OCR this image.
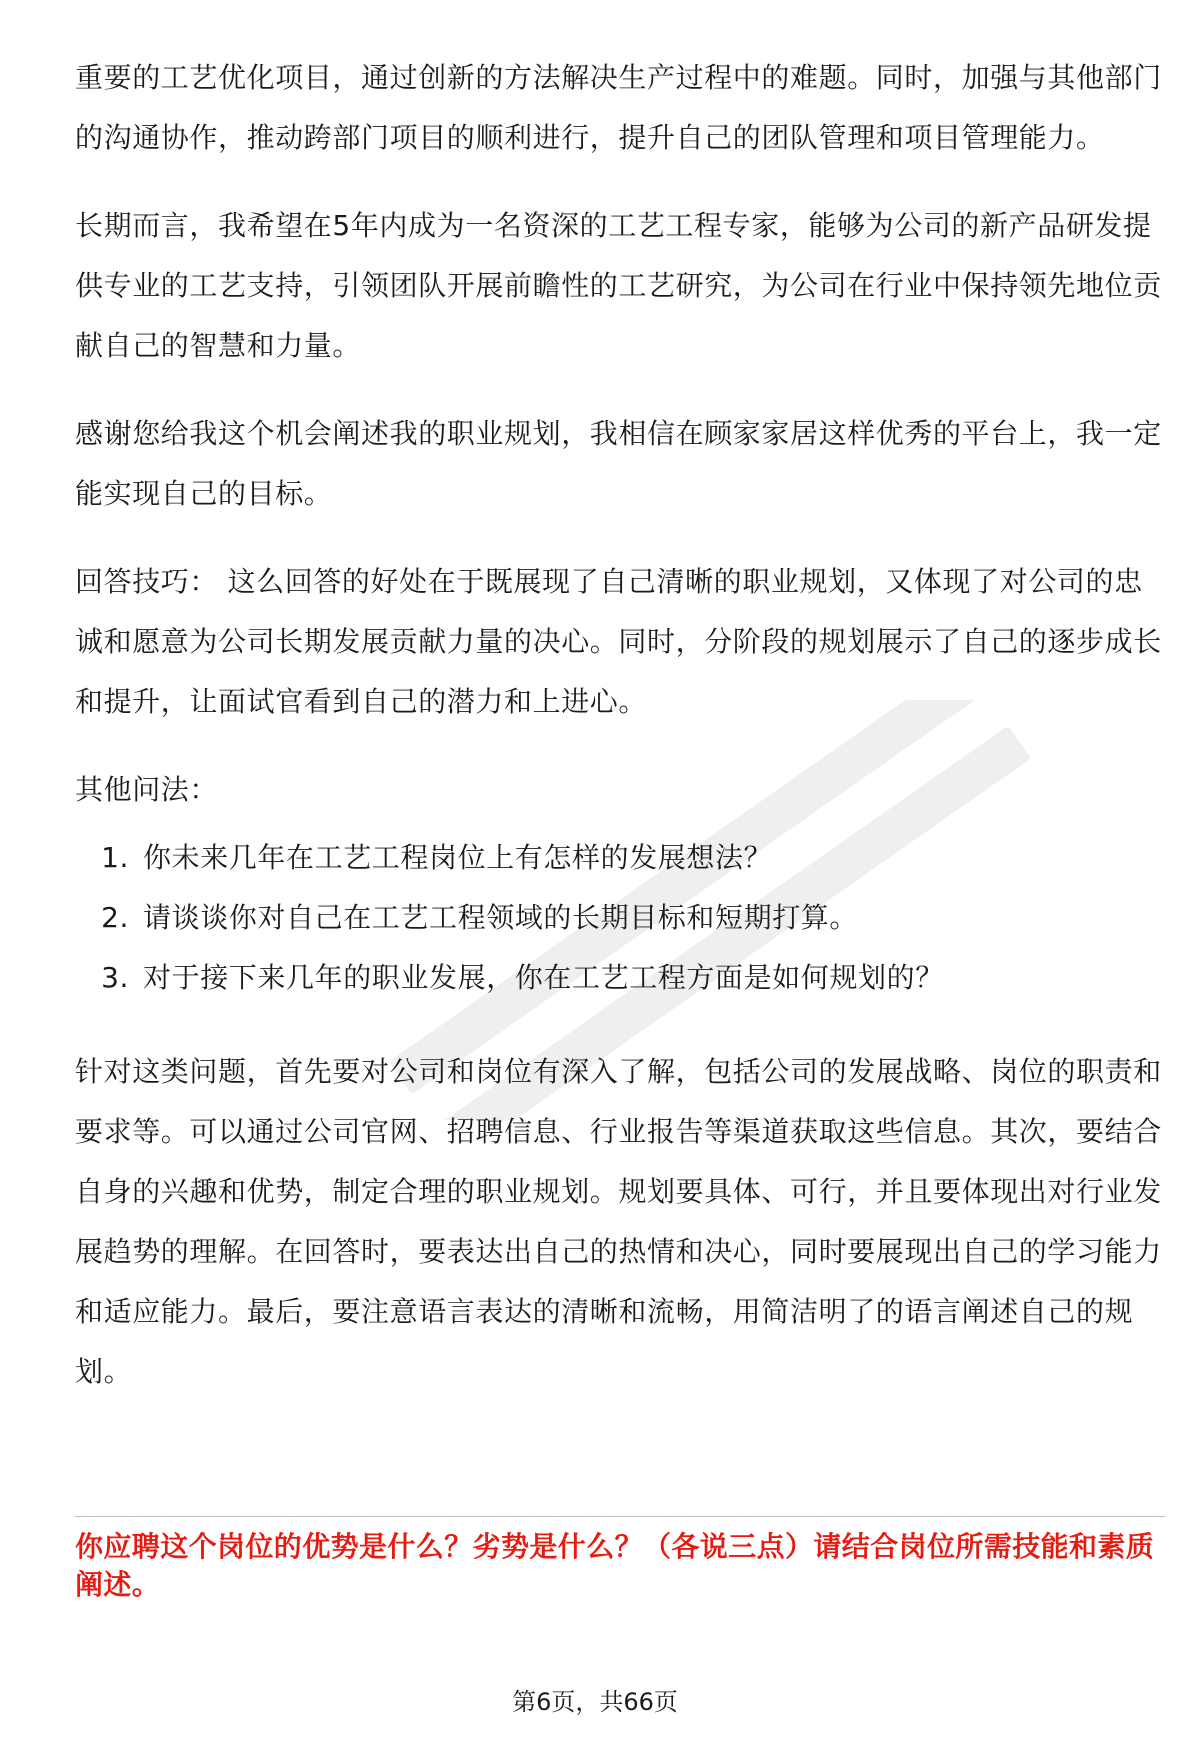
重要的工艺优化项目，通过创新的方法解决生产过程中的难题。同时，加强与其他部门的沟通协作，推动跨部门项目的顺利进行，提升自己的团队管理和项目管理能力。

长期而言，我希望在5年内成为一名资深的工艺工程专家，能够为公司的新产品研发提供专业的工艺支持，引领团队开展前瞻性的工艺研究，为公司在行业中保持领先地位贡献自己的智慧和力量。

感谢您给我这个机会阐述我的职业规划，我相信在顾家家居这样优秀的平台上，我一定能实现自己的目标。

回答技巧： 这么回答的好处在于既展现了自己清晰的职业规划，又体现了对公司的忠诚和愿意为公司长期发展贡献力量的决心。同时，分阶段的规划展示了自己的逐步成长和提升，让面试官看到自己的潜力和上进心。

其他问法：

1. 你未来几年在工艺工程岗位上有怎样的发展想法？
2. 请谈谈你对自己在工艺工程领域的长期目标和短期打算。
3. 对于接下来几年的职业发展，你在工艺工程方面是如何规划的？

针对这类问题，首先要对公司和岗位有深入了解，包括公司的发展战略、岗位的职责和要求等。可以通过公司官网、招聘信息、行业报告等渠道获取这些信息。其次，要结合自身的兴趣和优势，制定合理的职业规划。规划要具体、可行，并且要体现出对行业发展趋势的理解。在回答时，要表达出自己的热情和决心，同时要展现出自己的学习能力和适应能力。最后，要注意语言表达的清晰和流畅，用简洁明了的语言阐述自己的规划。

你应聘这个岗位的优势是什么？劣势是什么？（各说三点）请结合岗位所需技能和素质阐述。
第6页，共66页
